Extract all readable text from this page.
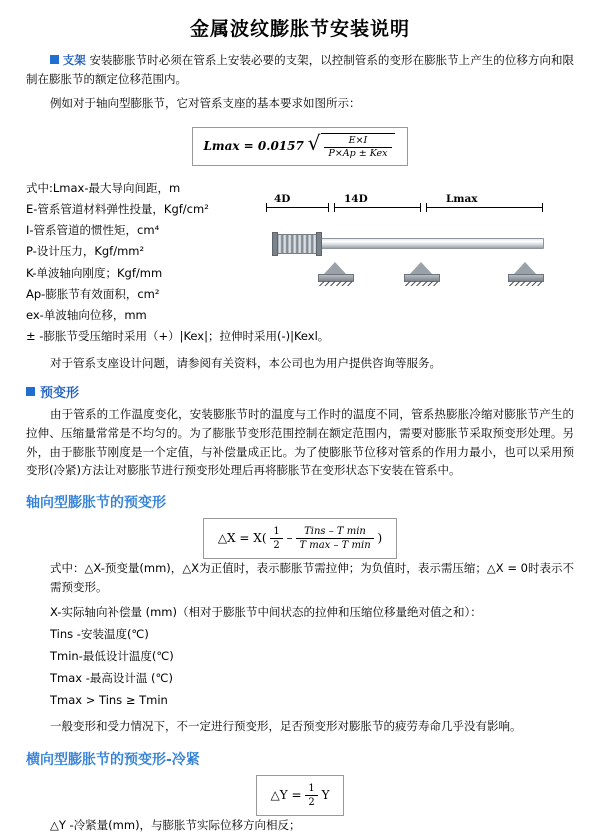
金属波纹膨胀节安装说明

支架 安装膨胀节时必须在管系上安装必要的支架，以控制管系的变形在膨胀节上产生的位移方向和限制在膨胀节的额定位移范围内。

例如对于轴向型膨胀节，它对管系支座的基本要求如图所示：

Lmax = 0.0157 √ $\frac{E\times I}{\text{P×Ap ± Kex}}$
式中:Lmax-最大导向间距，m
E-管系管道材料弹性投量，Kgf/cm²
I-管系管道的惯性矩，cm⁴
P-设计压力，Kgf/mm²
K-单波轴向刚度；Kgf/mm
Ap-膨胀节有效面积，cm²
ex-单波轴向位移，mm
± -膨胀节受压缩时采用（+）|Kex|；拉伸时采用(-)|Kexl。
4D	14D	Lmax

对于管系支座设计问题，请参阅有关资料，本公司也为用户提供咨询等服务。

预变形

由于管系的工作温度变化，安装膨胀节时的温度与工作时的温度不同，管系热膨胀冷缩对膨胀节产生的拉伸、压缩量常常是不均匀的。为了膨胀节变形范围控制在额定范围内，需要对膨胀节采取预变形处理。另外，由于膨胀节刚度是一个定值，与补偿量成正比。为了使膨胀节位移对管系的作用力最小，也可以采用预变形(冷紧)方法让对膨胀节进行预变形处理后再将膨胀节在变形状态下安装在管系中。

轴向型膨胀节的预变形
△X = $X( \frac{1}{2}$ –	Tins – T min
T max – T min
)

式中：△X-预变量(mm)，△X为正值时，表示膨胀节需拉伸；为负值时，表示需压缩；△X = 0时表示不需预变形。

X-实际轴向补偿量 (mm)（相对于膨胀节中间状态的拉伸和压缩位移量绝对值之和）：
Tins -安装温度(℃)
Tmin-最低设计温度(℃)
Tmax -最高设计温 (℃)
Tmax > Tins ≥ Tmin

一般变形和受力情况下，不一定进行预变形，足否预变形对膨胀节的疲劳寿命几乎没有影响。

横向型膨胀节的预变形-冷紧
△Y = $\frac{1}{2}$ Y

△Y -冷紧量(mm)，与膨胀节实际位移方向相反；
